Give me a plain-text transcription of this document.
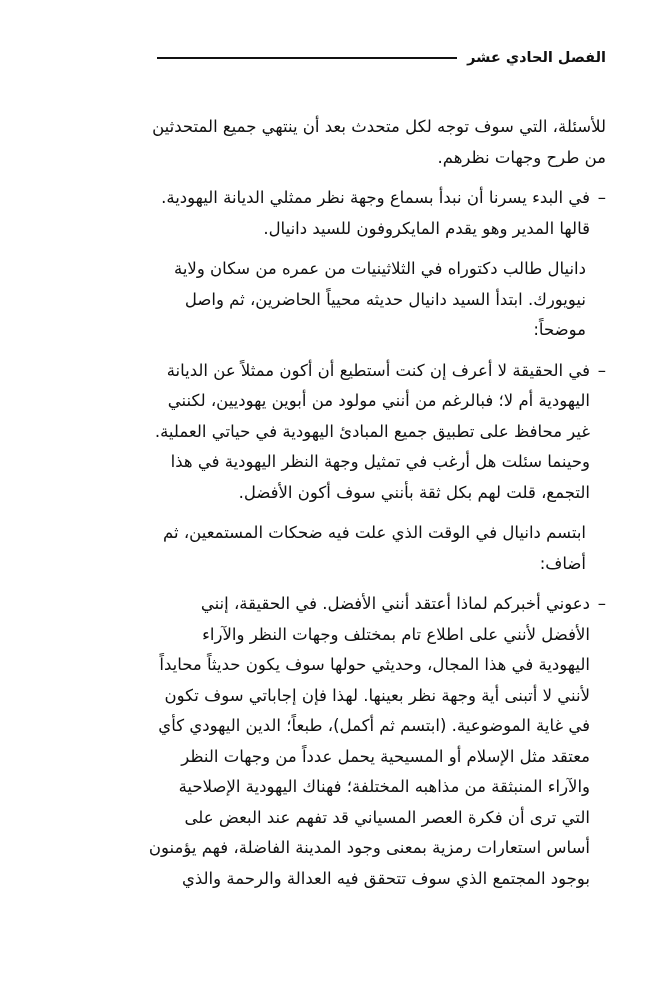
الفصل الحادي عشر
للأسئلة، التي سوف توجه لكل متحدث بعد أن ينتهي جميع المتحدثين
من طرح وجهات نظرهم.
–
في البدء يسرنا أن نبدأ بسماع وجهة نظر ممثلي الديانة اليهودية.
قالها المدير وهو يقدم المايكروفون للسيد دانيال.
دانيال طالب دكتوراه في الثلاثينيات من عمره من سكان ولاية
نيويورك. ابتدأ السيد دانيال حديثه محيياً الحاضرين، ثم واصل
موضحاً:
–
في الحقيقة لا أعرف إن كنت أستطيع أن أكون ممثلاً عن الديانة
اليهودية أم لا؛ فبالرغم من أنني مولود من أبوين يهوديين، لكنني
غير محافظ على تطبيق جميع المبادئ اليهودية في حياتي العملية.
وحينما سئلت هل أرغب في تمثيل وجهة النظر اليهودية في هذا
التجمع، قلت لهم بكل ثقة بأنني سوف أكون الأفضل.
ابتسم دانيال في الوقت الذي علت فيه ضحكات المستمعين، ثم
أضاف:
–
دعوني أخبركم لماذا أعتقد أنني الأفضل. في الحقيقة، إنني
الأفضل لأنني على اطلاع تام بمختلف وجهات النظر والآراء
اليهودية في هذا المجال، وحديثي حولها سوف يكون حديثاً محايداً
لأنني لا أتبنى أية وجهة نظر بعينها. لهذا فإن إجاباتي سوف تكون
في غاية الموضوعية. (ابتسم ثم أكمل)، طبعاً؛ الدين اليهودي كأي
معتقد مثل الإسلام أو المسيحية يحمل عدداً من وجهات النظر
والآراء المنبثقة من مذاهبه المختلفة؛ فهناك اليهودية الإصلاحية
التي ترى أن فكرة العصر المسياني قد تفهم عند البعض على
أساس استعارات رمزية بمعنى وجود المدينة الفاضلة، فهم يؤمنون
بوجود المجتمع الذي سوف تتحقق فيه العدالة والرحمة والذي
